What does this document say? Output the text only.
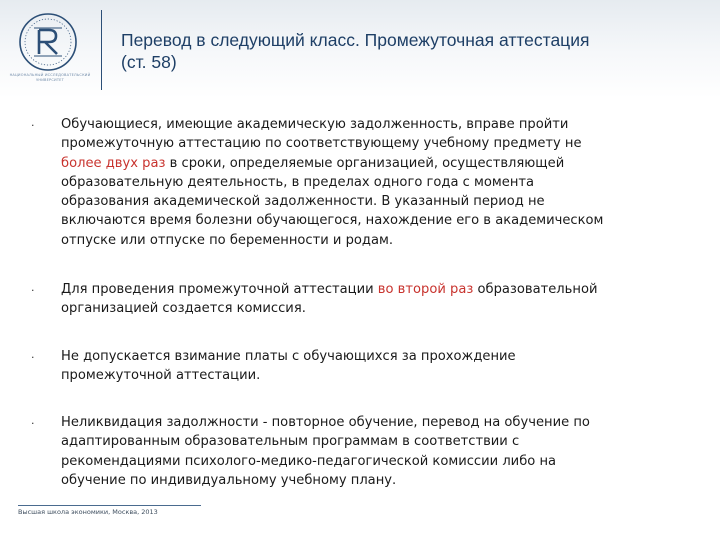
НАЦИОНАЛЬНЫЙ ИССЛЕДОВАТЕЛЬСКИЙ УНИВЕРСИТЕТ
Перевод в следующий класс. Промежуточная аттестация
(ст. 58)
· Обучающиеся, имеющие академическую задолженность, вправе пройти
промежуточную аттестацию по соответствующему учебному предмету не
более двух раз в сроки, определяемые организацией, осуществляющей
образовательную деятельность, в пределах одного года с момента
образования академической задолженности. В указанный период не
включаются время болезни обучающегося, нахождение его в академическом
отпуске или отпуске по беременности и родам.
· Для проведения промежуточной аттестации во второй раз образовательной
организацией создается комиссия.
· Не допускается взимание платы с обучающихся за прохождение
промежуточной аттестации.
· Неликвидация задолжности - повторное обучение, перевод на обучение по
адаптированным образовательным программам в соответствии с
рекомендациями психолого-медико-педагогической комиссии либо на
обучение по индивидуальному учебному плану.
Высшая школа экономики, Москва, 2013
